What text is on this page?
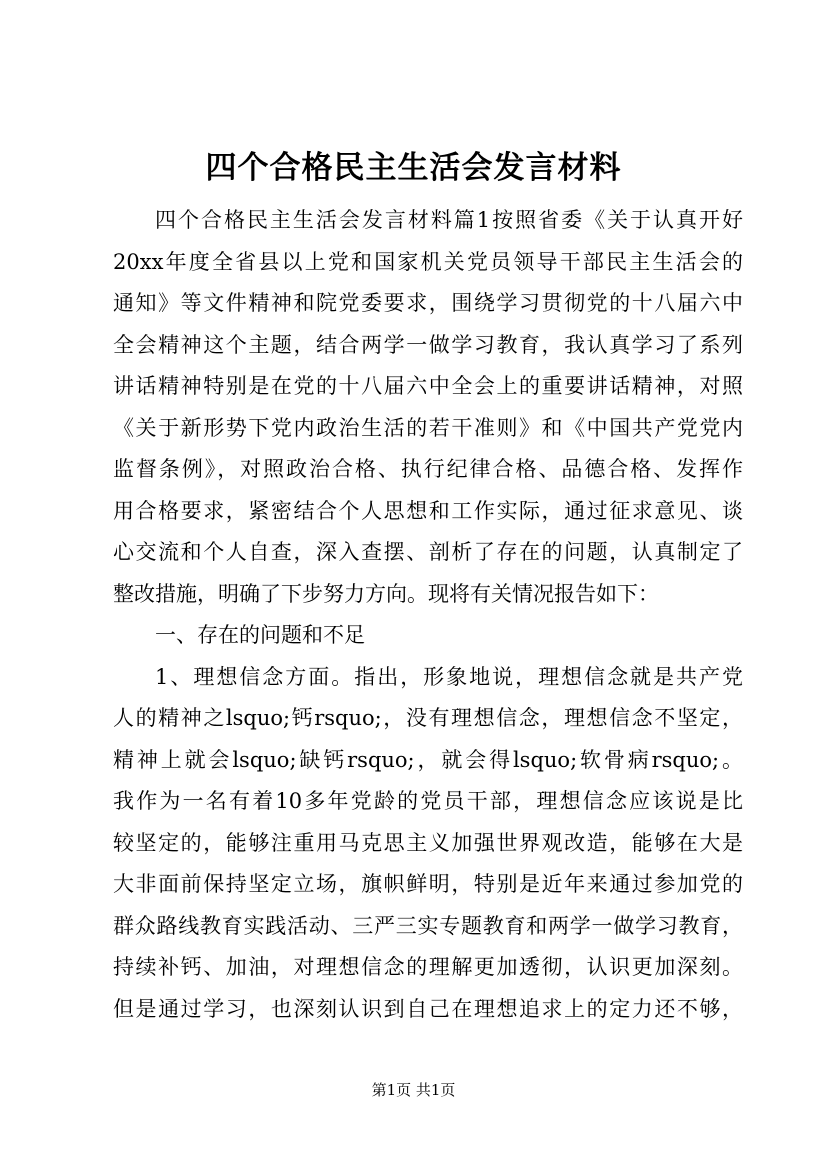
四个合格民主生活会发言材料
四个合格民主生活会发言材料篇1按照省委《关于认真开好
20xx年度全省县以上党和国家机关党员领导干部民主生活会的
通知》等文件精神和院党委要求，围绕学习贯彻党的十八届六中
全会精神这个主题，结合两学一做学习教育，我认真学习了系列
讲话精神特别是在党的十八届六中全会上的重要讲话精神，对照
《关于新形势下党内政治生活的若干准则》和《中国共产党党内
监督条例》，对照政治合格、执行纪律合格、品德合格、发挥作
用合格要求，紧密结合个人思想和工作实际，通过征求意见、谈
心交流和个人自查，深入查摆、剖析了存在的问题，认真制定了
整改措施，明确了下步努力方向。现将有关情况报告如下：
一、存在的问题和不足
1、理想信念方面。指出，形象地说，理想信念就是共产党
人的精神之lsquo;钙rsquo;，没有理想信念，理想信念不坚定，
精神上就会lsquo;缺钙rsquo;，就会得lsquo;软骨病rsquo;。
我作为一名有着10多年党龄的党员干部，理想信念应该说是比
较坚定的，能够注重用马克思主义加强世界观改造，能够在大是
大非面前保持坚定立场，旗帜鲜明，特别是近年来通过参加党的
群众路线教育实践活动、三严三实专题教育和两学一做学习教育，
持续补钙、加油，对理想信念的理解更加透彻，认识更加深刻。
但是通过学习，也深刻认识到自己在理想追求上的定力还不够，
第1页 共1页
